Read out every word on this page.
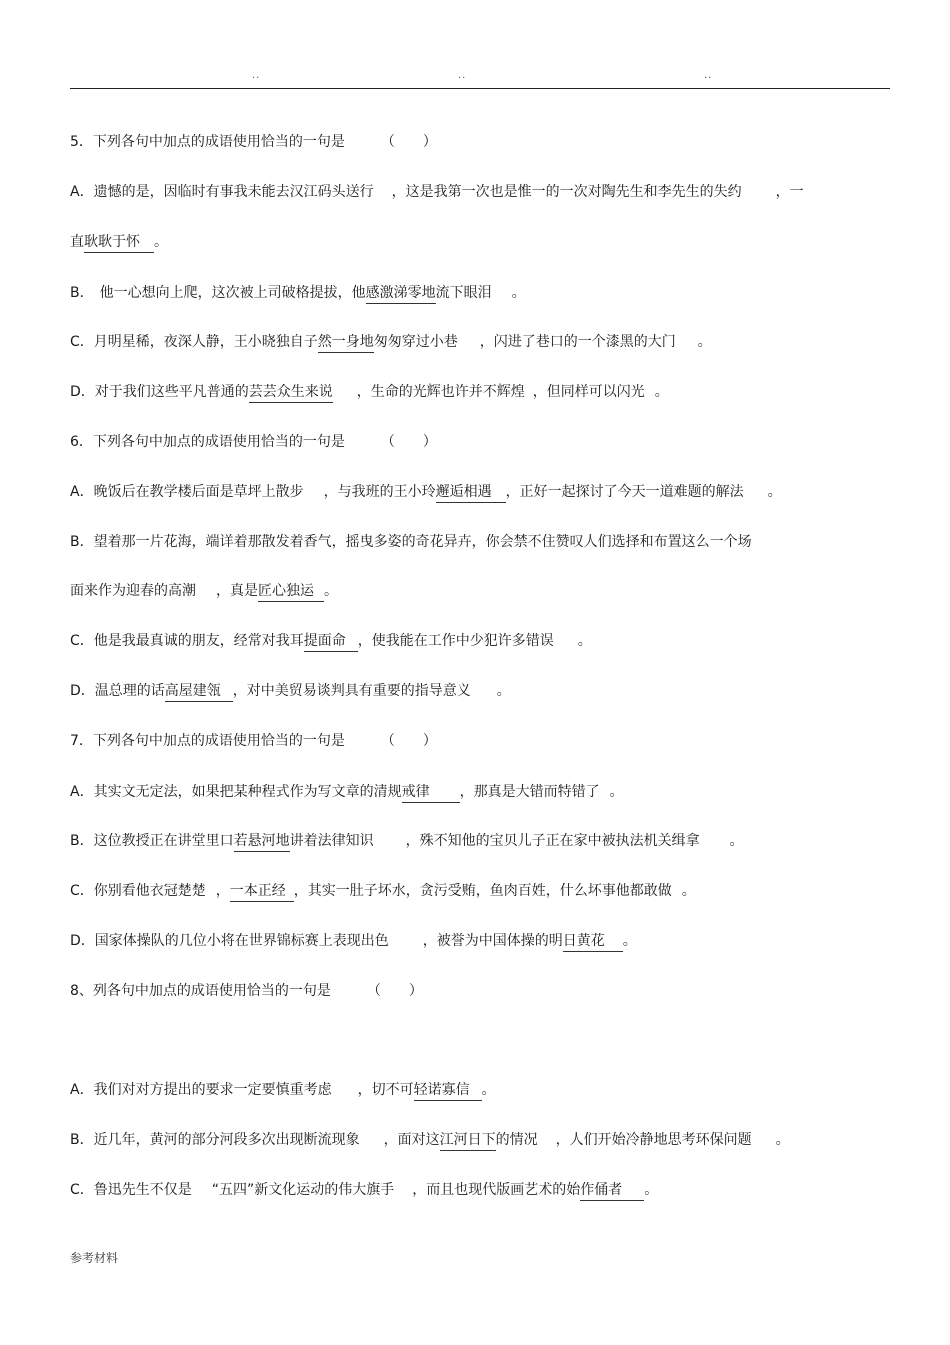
..	..	..
5．下列各句中加点的成语使用恰当的一句是	（　　）
A．遗憾的是，因临时有事我未能去汉江码头送行 ，这是我第一次也是惟一的一次对陶先生和李先生的失约 ，一
直耿耿于怀 。
B． 他一心想向上爬，这次被上司破格提拔，他感激涕零地流下眼泪 。
C．月明星稀，夜深人静，王小晓独自子然一身地匆匆穿过小巷 ，闪进了巷口的一个漆黑的大门 。
D．对于我们这些平凡普通的芸芸众生来说 ，生命的光辉也许并不辉煌 ，但同样可以闪光 。
6．下列各句中加点的成语使用恰当的一句是	（　　）
A．晚饭后在教学楼后面是草坪上散步 ，与我班的王小玲邂逅相遇 ，正好一起探讨了今天一道难题的解法 。
B．望着那一片花海，端详着那散发着香气，摇曳多姿的奇花异卉，你会禁不住赞叹人们选择和布置这么一个场
面来作为迎春的高潮 ，真是匠心独运 。
C．他是我最真诚的朋友，经常对我耳提面命 ，使我能在工作中少犯许多错误 。
D．温总理的话高屋建瓴 ，对中美贸易谈判具有重要的指导意义 。
7．下列各句中加点的成语使用恰当的一句是	（　　）
A．其实文无定法，如果把某种程式作为写文章的清规戒律 ，那真是大错而特错了 。
B．这位教授正在讲堂里口若悬河地讲着法律知识 ，殊不知他的宝贝儿子正在家中被执法机关缉拿 。
C．你别看他衣冠楚楚 ，一本正经 ，其实一肚子坏水，贪污受贿，鱼肉百姓，什么坏事他都敢做 。
D．国家体操队的几位小将在世界锦标赛上表现出色 ，被誉为中国体操的明日黄花 。
8、列各句中加点的成语使用恰当的一句是	（　　）
A．我们对对方提出的要求一定要慎重考虑 ，切不可轻诺寡信 。
B．近几年，黄河的部分河段多次出现断流现象 ，面对这江河日下的情况 ，人们开始冷静地思考环保问题 。
C．鲁迅先生不仅是 “五四”新文化运动的伟大旗手 ，而且也现代版画艺术的始作俑者 。
参考材料
